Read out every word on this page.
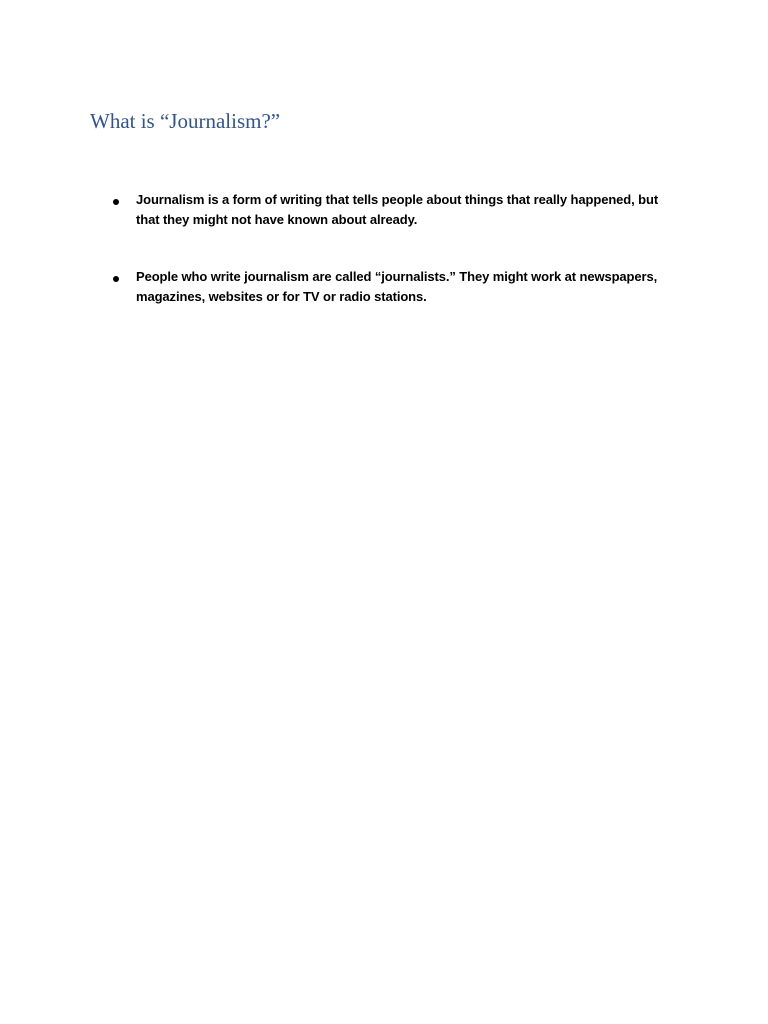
What is “Journalism?”
Journalism is a form of writing that tells people about things that really happened, but that they might not have known about already.
People who write journalism are called “journalists.” They might work at newspapers, magazines, websites or for TV or radio stations.
